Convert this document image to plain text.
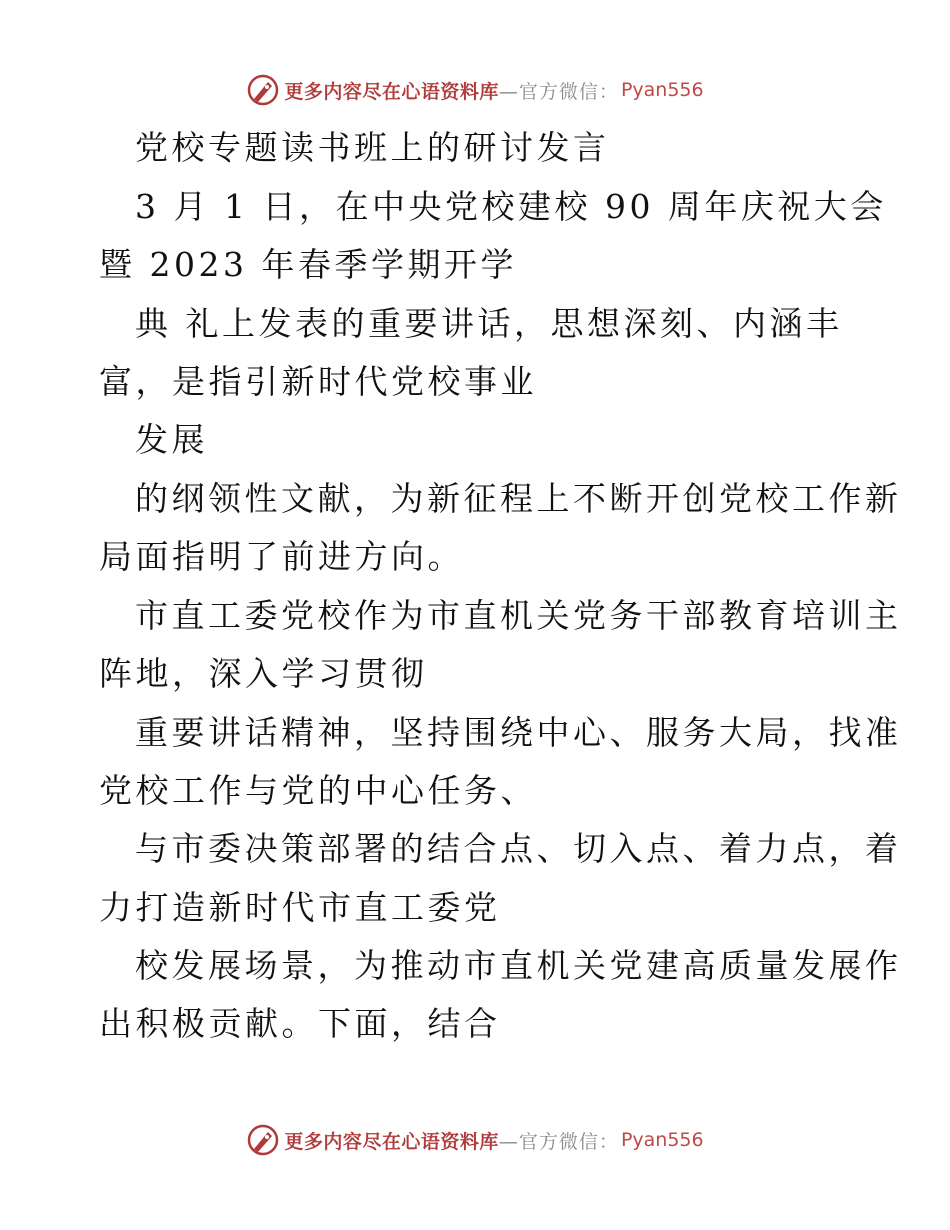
更多内容尽在心语资料库 —官方微信： Pyan556
党校专题读书班上的研讨发言
3 月 1 日，在中央党校建校 90 周年庆祝大会
暨 2023 年春季学期开学
典 礼上发表的重要讲话，思想深刻、内涵丰
富，是指引新时代党校事业
发展
的纲领性文献，为新征程上不断开创党校工作新
局面指明了前进方向。
市直工委党校作为市直机关党务干部教育培训主
阵地，深入学习贯彻
重要讲话精神，坚持围绕中心、服务大局，找准
党校工作与党的中心任务、
与市委决策部署的结合点、切入点、着力点，着
力打造新时代市直工委党
校发展场景，为推动市直机关党建高质量发展作
出积极贡献。下面，结合
更多内容尽在心语资料库 —官方微信： Pyan556
